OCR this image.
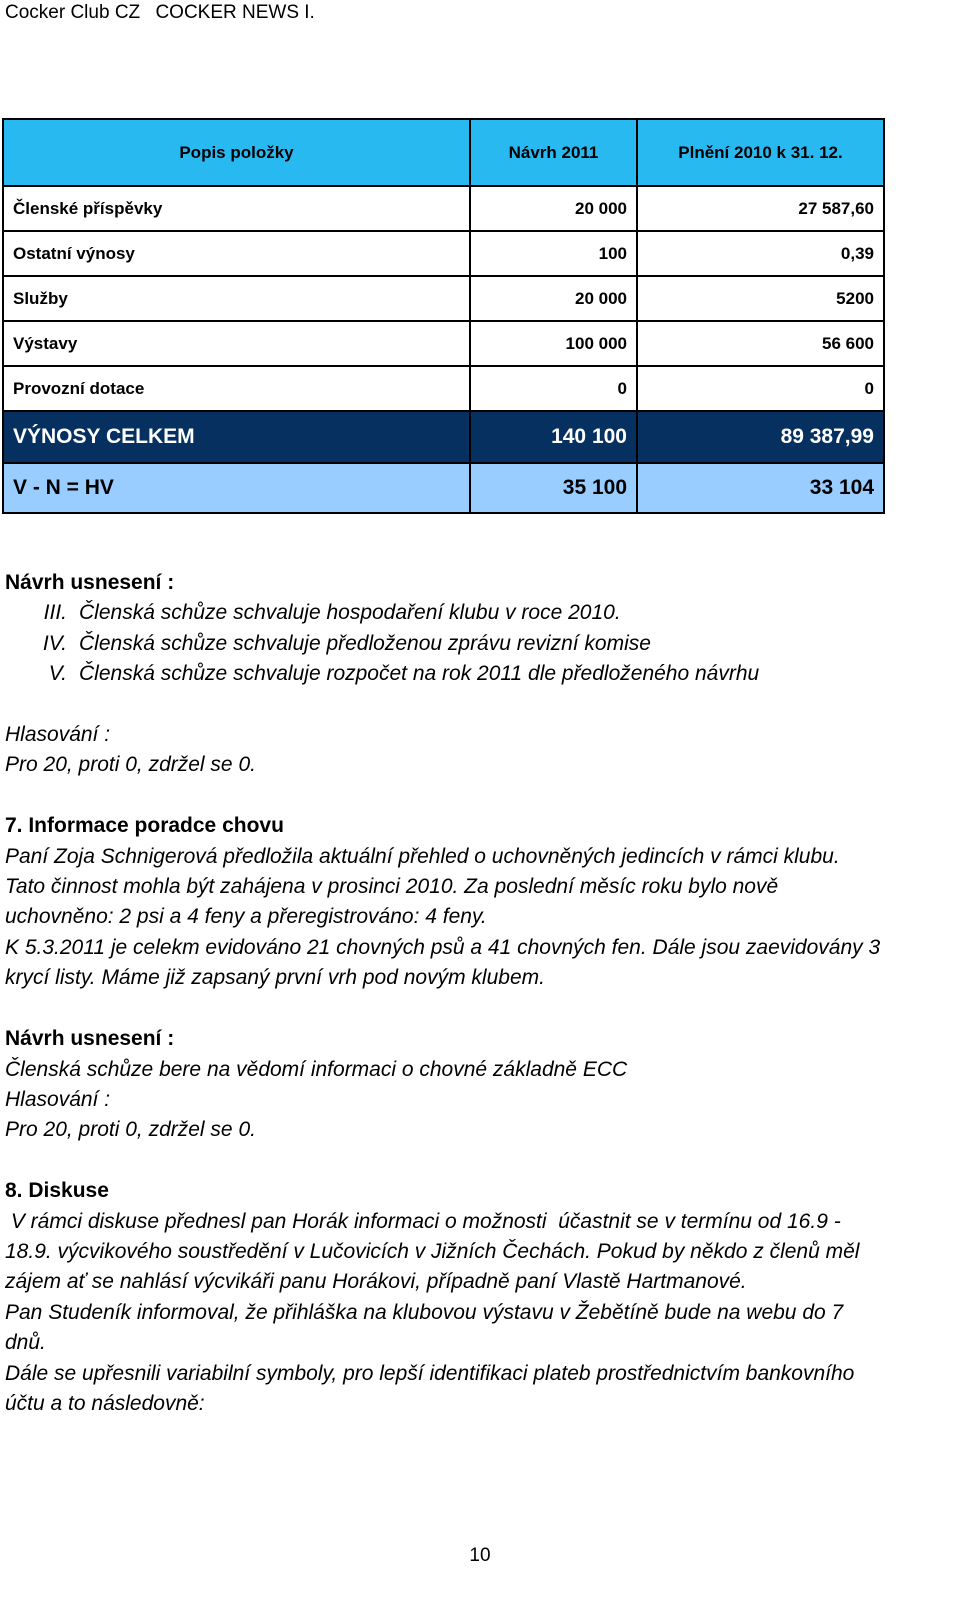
Cocker Club CZ COCKER NEWS I.
Popis položky	Návrh 2011	Plnění 2010 k 31. 12.
Členské příspěvky	20 000	27 587,60
Ostatní výnosy	100	0,39
Služby	20 000	5200
Výstavy	100 000	56 600
Provozní dotace	0	0
VÝNOSY CELKEM	140 100	89 387,99
V - N = HV	35 100	33 104
Návrh usnesení :
III. Členská schůze schvaluje hospodaření klubu v roce 2010.
IV. Členská schůze schvaluje předloženou zprávu revizní komise
V. Členská schůze schvaluje rozpočet na rok 2011 dle předloženého návrhu

Hlasování :
Pro 20, proti 0, zdržel se 0.

7. Informace poradce chovu
Paní Zoja Schnigerová předložila aktuální přehled o uchovněných jedincích v rámci klubu.
Tato činnost mohla být zahájena v prosinci 2010. Za poslední měsíc roku bylo nově
uchovněno: 2 psi a 4 feny a přeregistrováno: 4 feny.
K 5.3.2011 je celekm evidováno 21 chovných psů a 41 chovných fen. Dále jsou zaevidovány 3
krycí listy. Máme již zapsaný první vrh pod novým klubem.

Návrh usnesení :
Členská schůze bere na vědomí informaci o chovné základně ECC
Hlasování :
Pro 20, proti 0, zdržel se 0.

8. Diskuse
V rámci diskuse přednesl pan Horák informaci o možnosti  účastnit se v termínu od 16.9 -
18.9. výcvikového soustředění v Lučovicích v Jižních Čechách. Pokud by někdo z členů měl
zájem ať se nahlásí výcvikáři panu Horákovi, případně paní Vlastě Hartmanové.
Pan Studeník informoval, že přihláška na klubovou výstavu v Žebětíně bude na webu do 7
dnů.
Dále se upřesnili variabilní symboly, pro lepší identifikaci plateb prostřednictvím bankovního
účtu a to následovně:
10
